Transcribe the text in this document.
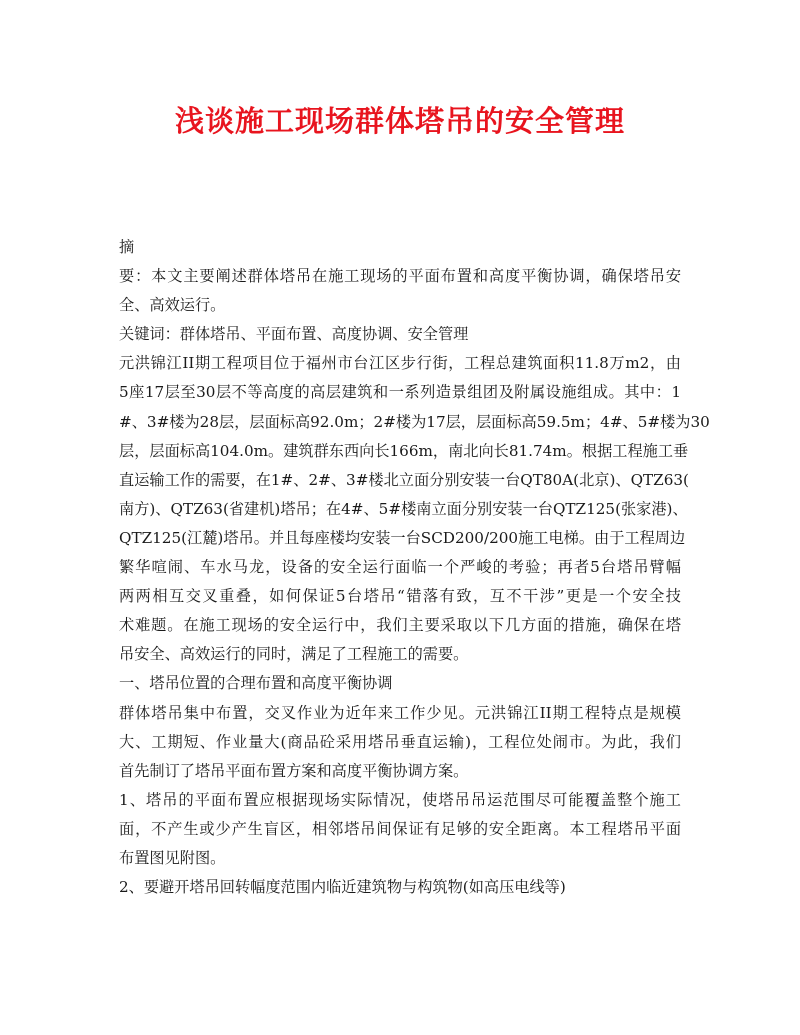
浅谈施工现场群体塔吊的安全管理

摘

要：本文主要阐述群体塔吊在施工现场的平面布置和高度平衡协调，确保塔吊安

全、高效运行。

关键词：群体塔吊、平面布置、高度协调、安全管理

元洪锦江II期工程项目位于福州市台江区步行街，工程总建筑面积11.8万m2，由

5座17层至30层不等高度的高层建筑和一系列造景组团及附属设施组成。其中：1

#、3#楼为28层，层面标高92.0m；2#楼为17层，层面标高59.5m；4#、5#楼为30

层，层面标高104.0m。建筑群东西向长166m，南北向长81.74m。根据工程施工垂

直运输工作的需要，在1#、2#、3#楼北立面分别安装一台QT80A(北京)、QTZ63(

南方)、QTZ63(省建机)塔吊；在4#、5#楼南立面分别安装一台QTZ125(张家港)、

QTZ125(江麓)塔吊。并且每座楼均安装一台SCD200/200施工电梯。由于工程周边

繁华喧闹、车水马龙，设备的安全运行面临一个严峻的考验；再者5台塔吊臂幅

两两相互交叉重叠，如何保证5台塔吊“错落有致，互不干涉”更是一个安全技

术难题。在施工现场的安全运行中，我们主要采取以下几方面的措施，确保在塔

吊安全、高效运行的同时，满足了工程施工的需要。

一、塔吊位置的合理布置和高度平衡协调

群体塔吊集中布置，交叉作业为近年来工作少见。元洪锦江II期工程特点是规模

大、工期短、作业量大(商品砼采用塔吊垂直运输)，工程位处闹市。为此，我们

首先制订了塔吊平面布置方案和高度平衡协调方案。

1、塔吊的平面布置应根据现场实际情况，使塔吊吊运范围尽可能覆盖整个施工

面，不产生或少产生盲区，相邻塔吊间保证有足够的安全距离。本工程塔吊平面

布置图见附图。

2、要避开塔吊回转幅度范围内临近建筑物与构筑物(如高压电线等)
